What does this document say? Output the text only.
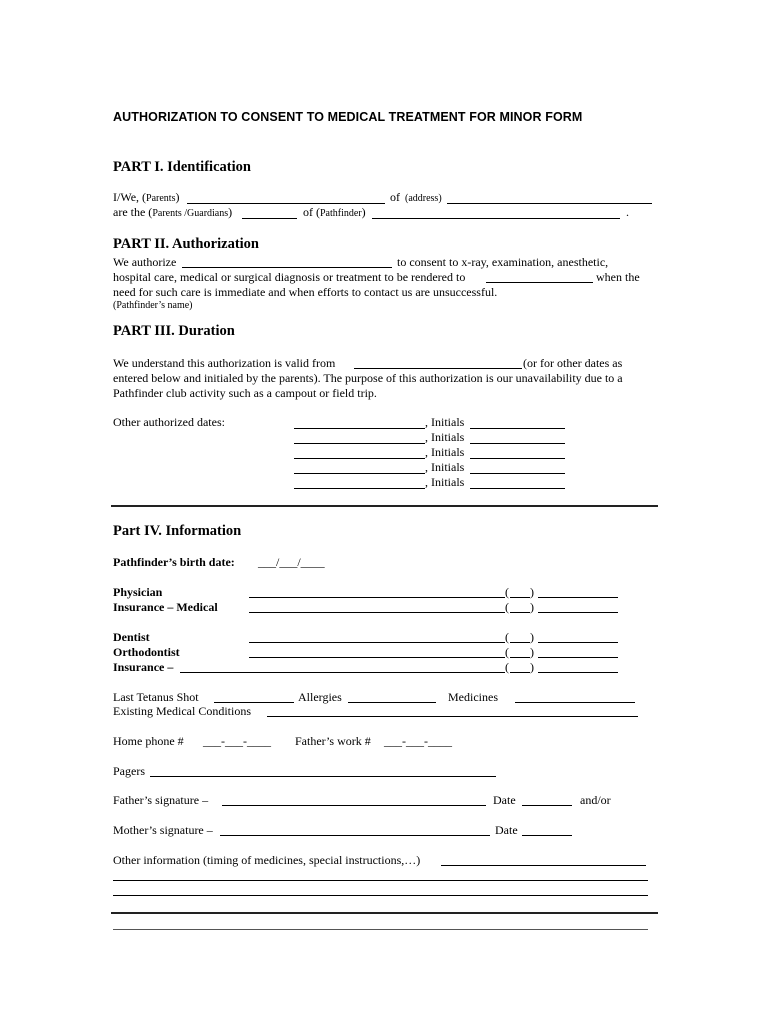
AUTHORIZATION TO CONSENT TO MEDICAL TREATMENT FOR MINOR FORM
PART I. Identification
I/We, (Parents)	of (address)
are the (Parents /Guardians)	of (Pathfinder)	.
PART II. Authorization
We authorize	to consent to x-ray, examination, anesthetic,
hospital care, medical or surgical diagnosis or treatment to be rendered to	when the
need for such care is immediate and when efforts to contact us are unsuccessful.
(Pathfinder’s name)
PART III. Duration
We understand this authorization is valid from	(or for other dates as
entered below and initialed by the parents). The purpose of this authorization is our unavailability due to a
Pathfinder club activity such as a campout or field trip.
Other authorized dates:	, Initials
, Initials
, Initials
, Initials
, Initials
Part IV. Information
Pathfinder’s birth date: ___/___/____
Physician	( )
Insurance – Medical	( )
Dentist	( )
Orthodontist	( )
Insurance –	( )
Last Tetanus Shot	Allergies	Medicines
Existing Medical Conditions
Home phone # ___-___-____ Father’s work # ___-___-____
Pagers
Father’s signature –	Date	and/or
Mother’s signature –	Date
Other information (timing of medicines, special instructions,…)
